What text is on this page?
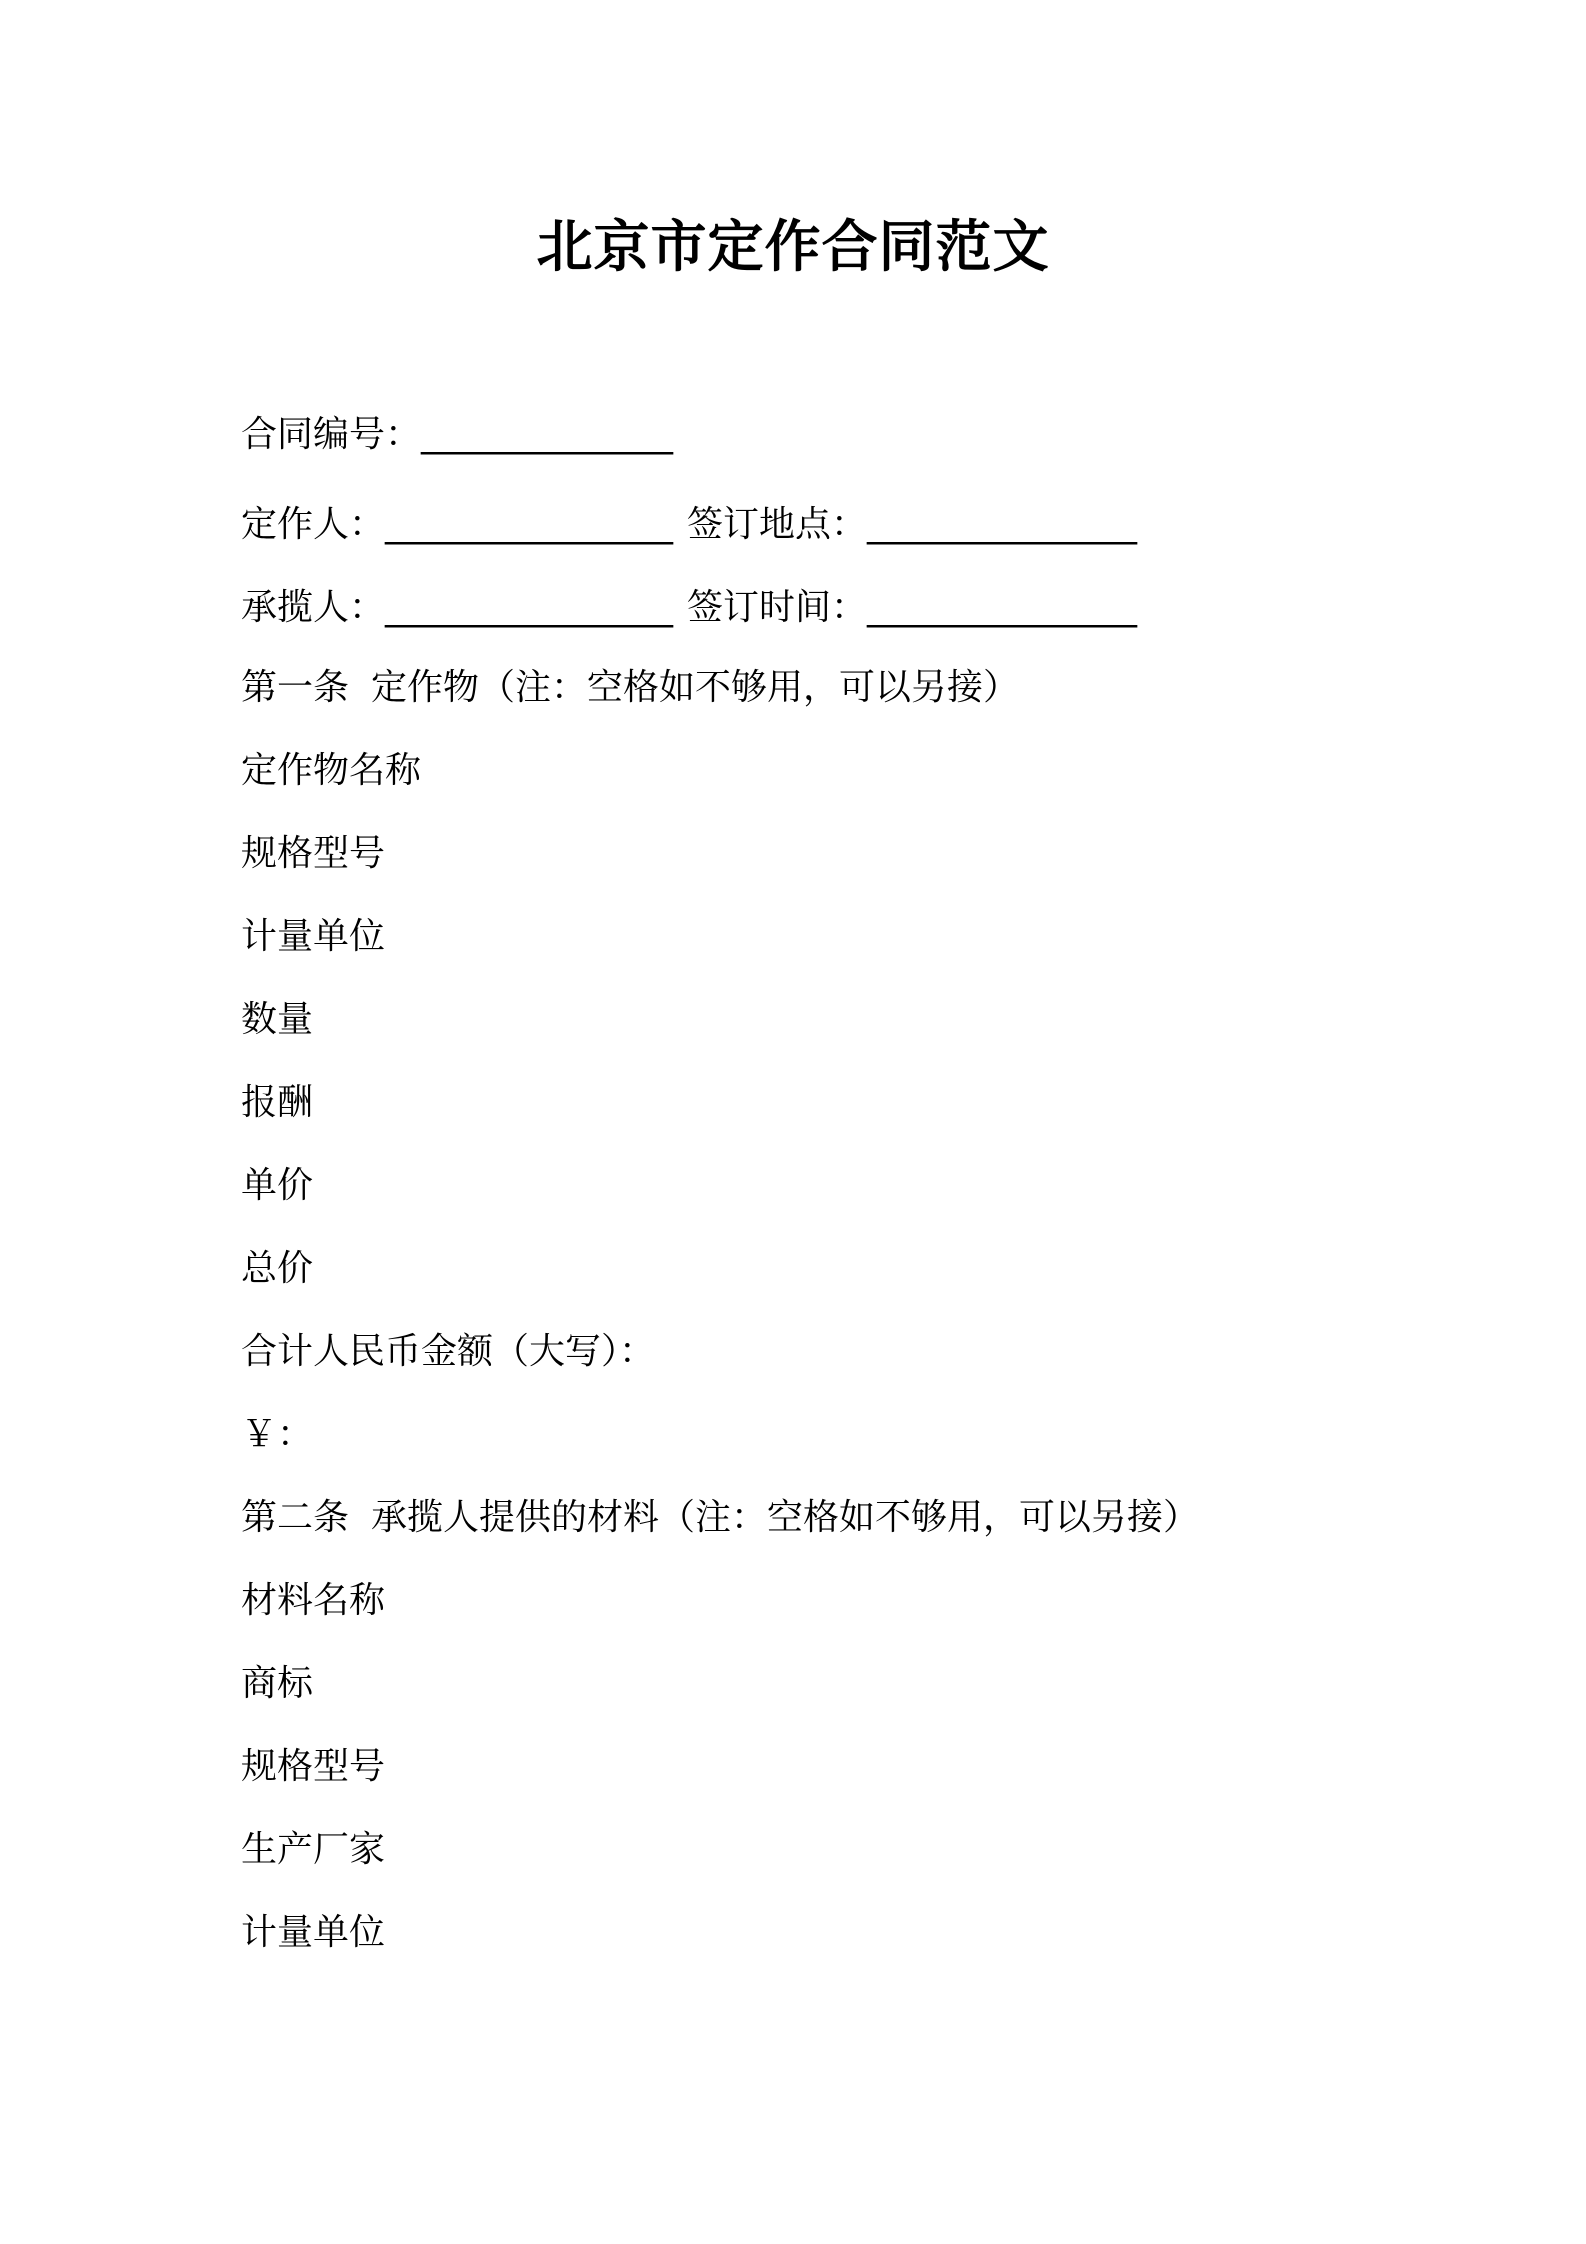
北京市定作合同范文
合同编号：______________
定作人：________________ 签订地点：_______________
承揽人：________________ 签订时间：_______________
第一条 定作物（注：空格如不够用，可以另接）
定作物名称
规格型号
计量单位
数量
报酬
单价
总价
合计人民币金额（大写）：
￥：
第二条 承揽人提供的材料（注：空格如不够用，可以另接）
材料名称
商标
规格型号
生产厂家
计量单位
